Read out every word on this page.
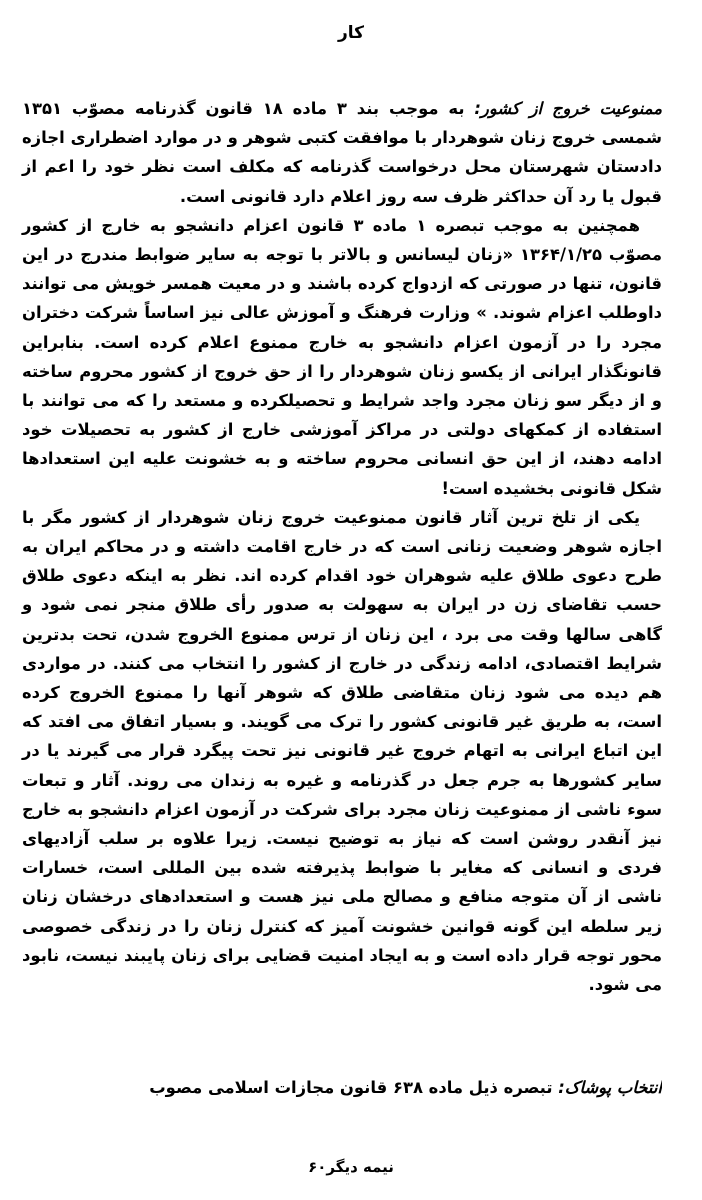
کار

ممنوعیت خروج از کشور: به موجب بند ۳ ماده ۱۸ قانون گذرنامه مصوّب ۱۳۵۱ شمسی خروج زنان شوهردار با موافقت کتبی شوهر و در موارد اضطراری اجازه دادستان شهرستان محل درخواست گذرنامه که مکلف است نظر خود را اعم از قبول یا رد آن حداکثر ظرف سه روز اعلام دارد قانونی است.

همچنین به موجب تبصره ۱ ماده ۳ قانون اعزام دانشجو به خارج از کشور مصوّب ۱۳۶۴/۱/۲۵ «زنان لیسانس و بالاتر با توجه به سایر ضوابط مندرج در این قانون، تنها در صورتی که ازدواج کرده باشند و در معیت همسر خویش می توانند داوطلب اعزام شوند. » وزارت فرهنگ و آموزش عالی نیز اساساً شرکت دختران مجرد را در آزمون اعزام دانشجو به خارج ممنوع اعلام کرده است. بنابراین قانونگذار ایرانی از یکسو زنان شوهردار را از حق خروج از کشور محروم ساخته و از دیگر سو زنان مجرد واجد شرایط و تحصیلکرده و مستعد را که می توانند با استفاده از کمکهای دولتی در مراکز آموزشی خارج از کشور به تحصیلات خود ادامه دهند، از این حق انسانی محروم ساخته و به خشونت علیه این استعدادها شکل قانونی بخشیده است!

یکی از تلخ ترین آثار قانون ممنوعیت خروج زنان شوهردار از کشور مگر با اجازه شوهر وضعیت زنانی است که در خارج اقامت داشته و در محاکم ایران به طرح دعوی طلاق علیه شوهران خود اقدام کرده اند. نظر به اینکه دعوی طلاق حسب تقاضای زن در ایران به سهولت به صدور رأی طلاق منجر نمی شود و گاهی سالها وقت می برد ، این زنان از ترس ممنوع الخروج شدن، تحت بدترین شرایط اقتصادی، ادامه زندگی در خارج از کشور را انتخاب می کنند. در مواردی هم دیده می شود زنان متقاضی طلاق که شوهر آنها را ممنوع الخروج کرده است، به طریق غیر قانونی کشور را ترک می گویند. و بسیار اتفاق می افتد که این اتباع ایرانی به اتهام خروج غیر قانونی نیز تحت پیگرد قرار می گیرند یا در سایر کشورها به جرم جعل در گذرنامه و غیره به زندان می روند. آثار و تبعات سوء ناشی از ممنوعیت زنان مجرد برای شرکت در آزمون اعزام دانشجو به خارج نیز آنقدر روشن است که نیاز به توضیح نیست. زیرا علاوه بر سلب آزادیهای فردی و انسانی که مغایر با ضوابط پذیرفته شده بین المللی است، خسارات ناشی از آن متوجه منافع و مصالح ملی نیز هست و استعدادهای درخشان زنان زیر سلطه این گونه قوانین خشونت آمیز که کنترل زنان را در زندگی خصوصی محور توجه قرار داده است و به ایجاد امنیت قضایی برای زنان پایبند نیست، نابود می شود.

انتخاب پوشاک: تبصره ذیل ماده ۶۳۸ قانون مجازات اسلامی مصوب
نیمه دیگر۶۰
